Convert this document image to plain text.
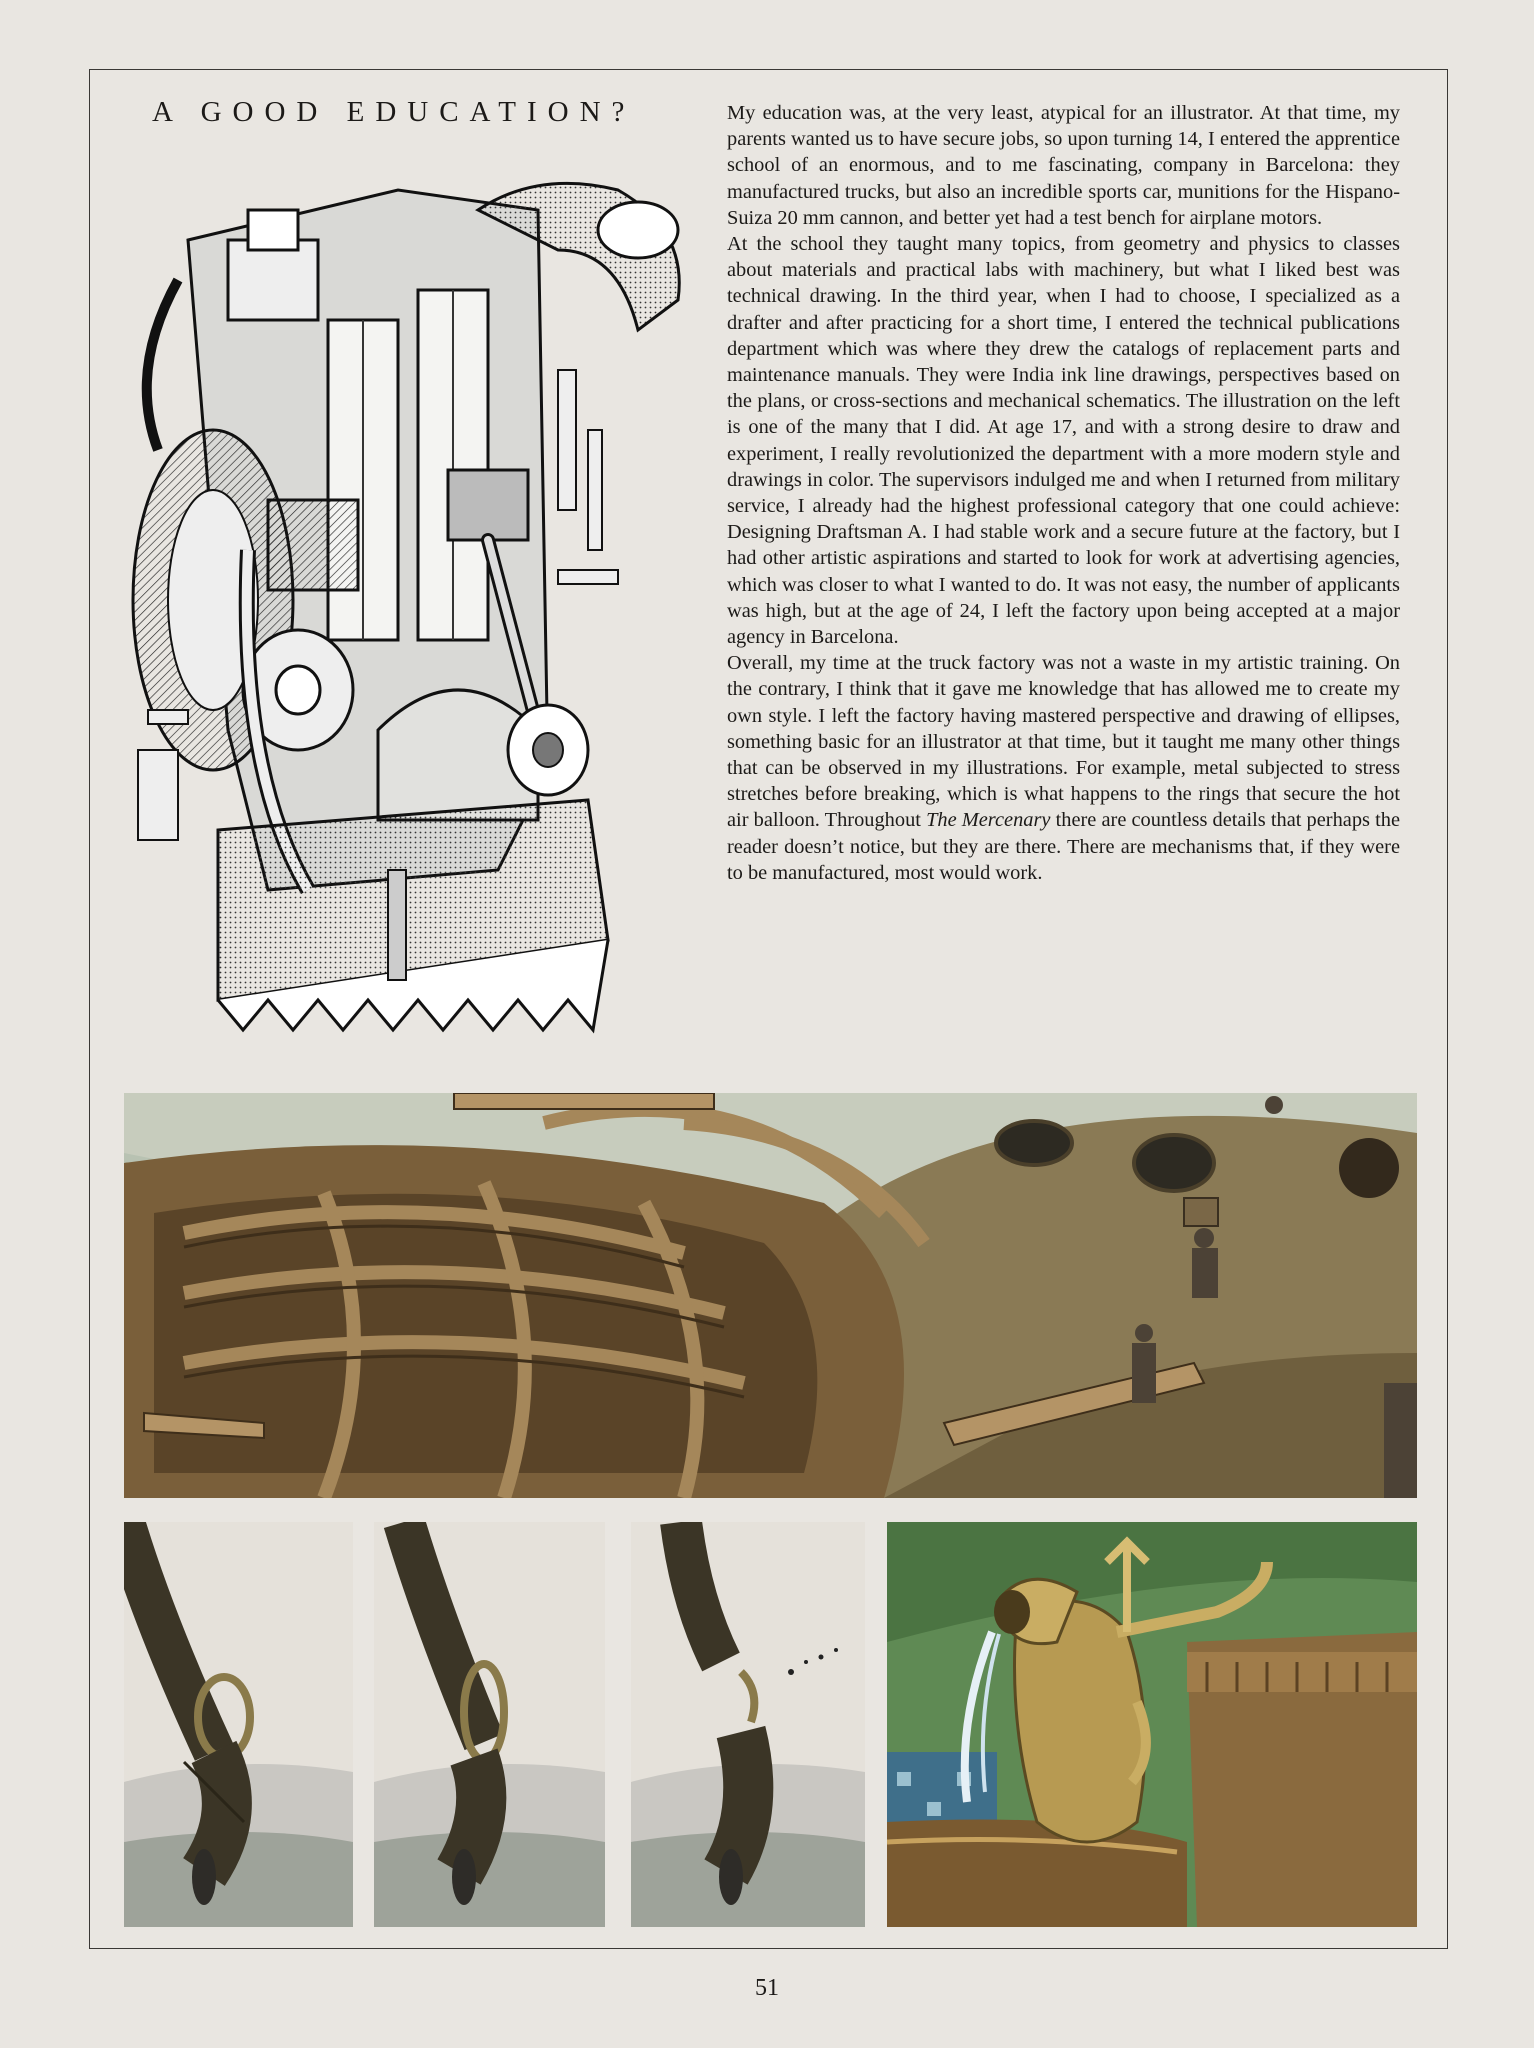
A GOOD EDUCATION?	My education was, at the very least, atypical for an illustrator. At that time, my parents wanted us to have secure jobs, so upon turning 14, I entered the apprentice school of an enormous, and to me fascinating, company in Barcelona: they manufactured trucks, but also an incredible sports car, munitions for the Hispano-Suiza 20 mm cannon, and better yet had a test bench for airplane motors.

At the school they taught many topics, from geometry and physics to classes about materials and practical labs with machinery, but what I liked best was technical drawing. In the third year, when I had to choose, I specialized as a drafter and after practicing for a short time, I entered the technical publications department which was where they drew the catalogs of replacement parts and maintenance manuals. They were India ink line drawings, perspectives based on the plans, or cross-sections and mechanical schematics. The illustration on the left is one of the many that I did. At age 17, and with a strong desire to draw and experiment, I really revolutionized the department with a more modern style and drawings in color. The supervisors indulged me and when I returned from military service, I already had the highest professional category that one could achieve: Designing Draftsman A. I had stable work and a secure future at the factory, but I had other artistic aspirations and started to look for work at advertising agencies, which was closer to what I wanted to do. It was not easy, the number of applicants was high, but at the age of 24, I left the factory upon being accepted at a major agency in Barcelona.

Overall, my time at the truck factory was not a waste in my artistic training. On the contrary, I think that it gave me knowledge that has allowed me to create my own style. I left the factory having mastered perspective and drawing of ellipses, something basic for an illustrator at that time, but it taught me many other things that can be observed in my illustrations. For example, metal subjected to stress stretches before breaking, which is what happens to the rings that secure the hot air balloon. Throughout The Mercenary there are countless details that perhaps the reader doesn’t notice, but they are there. There are mechanisms that, if they were to be manufactured, most would work.

51
